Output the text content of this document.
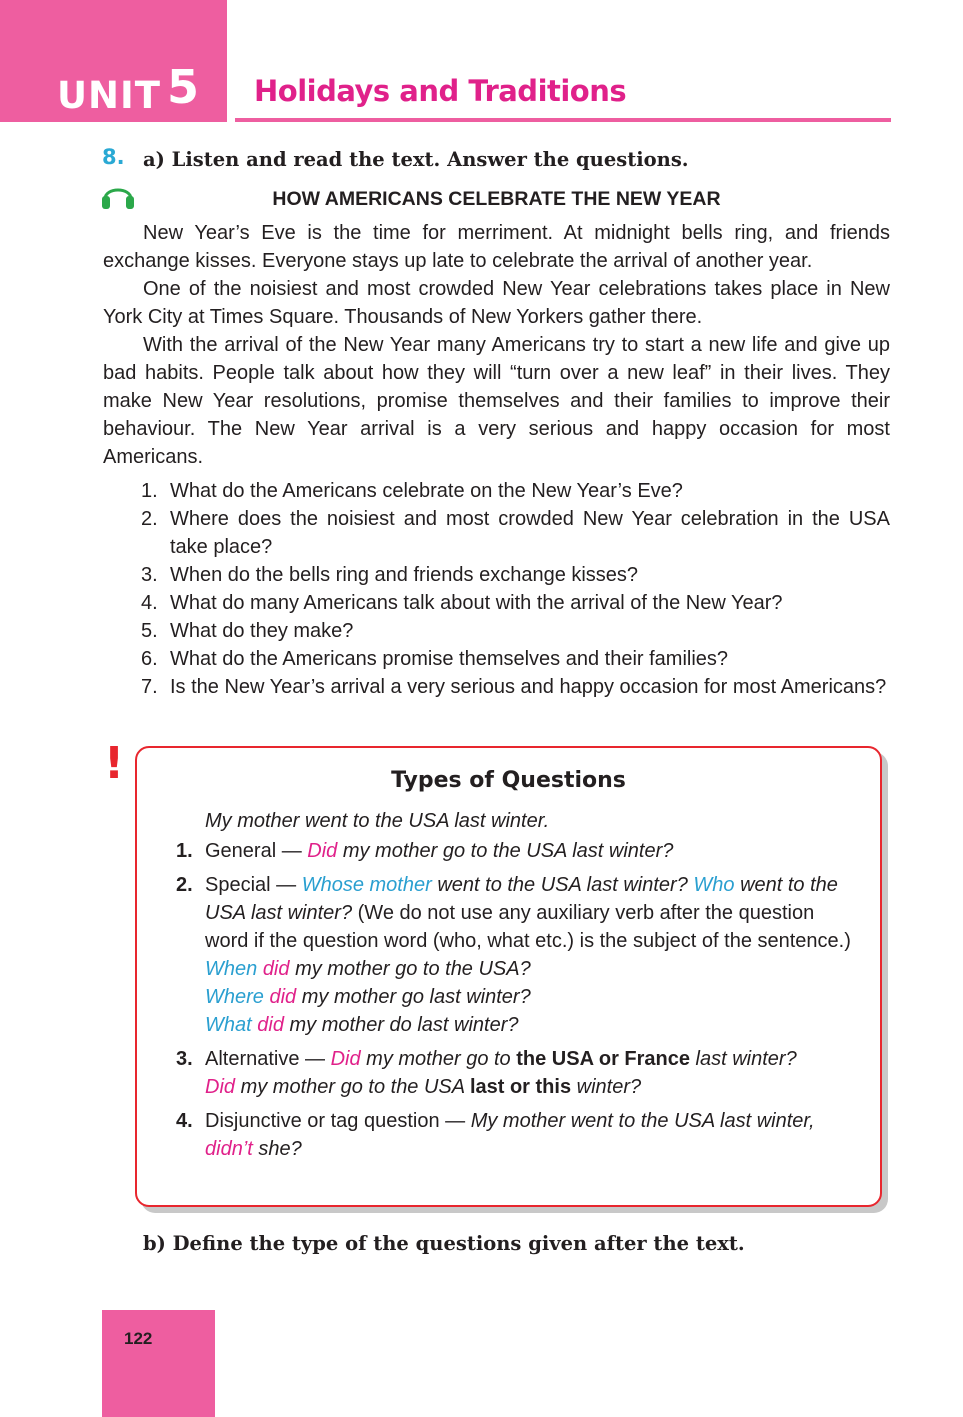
UNIT 5 Holidays and Traditions
8. a) Listen and read the text. Answer the questions.
HOW AMERICANS CELEBRATE THE NEW YEAR

New Year’s Eve is the time for merriment. At midnight bells ring, and friends exchange kisses. Everyone stays up late to celebrate the arrival of another year.

One of the noisiest and most crowded New Year celebrations takes place in New York City at Times Square. Thousands of New Yorkers gather there.

With the arrival of the New Year many Americans try to start a new life and give up bad habits. People talk about how they will “turn over a new leaf” in their lives. They make New Year resolutions, promise themselves and their families to improve their behaviour. The New Year arrival is a very serious and happy occasion for most Americans.

1. What do the Americans celebrate on the New Year’s Eve?
2. Where does the noisiest and most crowded New Year celebration in the USA take place?
3. When do the bells ring and friends exchange kisses?
4. What do many Americans talk about with the arrival of the New Year?
5. What do they make?
6. What do the Americans promise themselves and their families?
7. Is the New Year’s arrival a very serious and happy occasion for most Americans?
!	Types of Questions
My mother went to the USA last winter.
1. General — Did my mother go to the USA last winter?
2. Special — Whose mother went to the USA last winter? Who went to the USA last winter? (We do not use any auxiliary verb after the question word if the question word (who, what etc.) is the subject of the sentence.)
When did my mother go to the USA?
Where did my mother go last winter?
What did my mother do last winter?
3. Alternative — Did my mother go to the USA or France last winter?
Did my mother go to the USA last or this winter?
4. Disjunctive or tag question — My mother went to the USA last winter, didn’t she?
b) Define the type of the questions given after the text.
122
